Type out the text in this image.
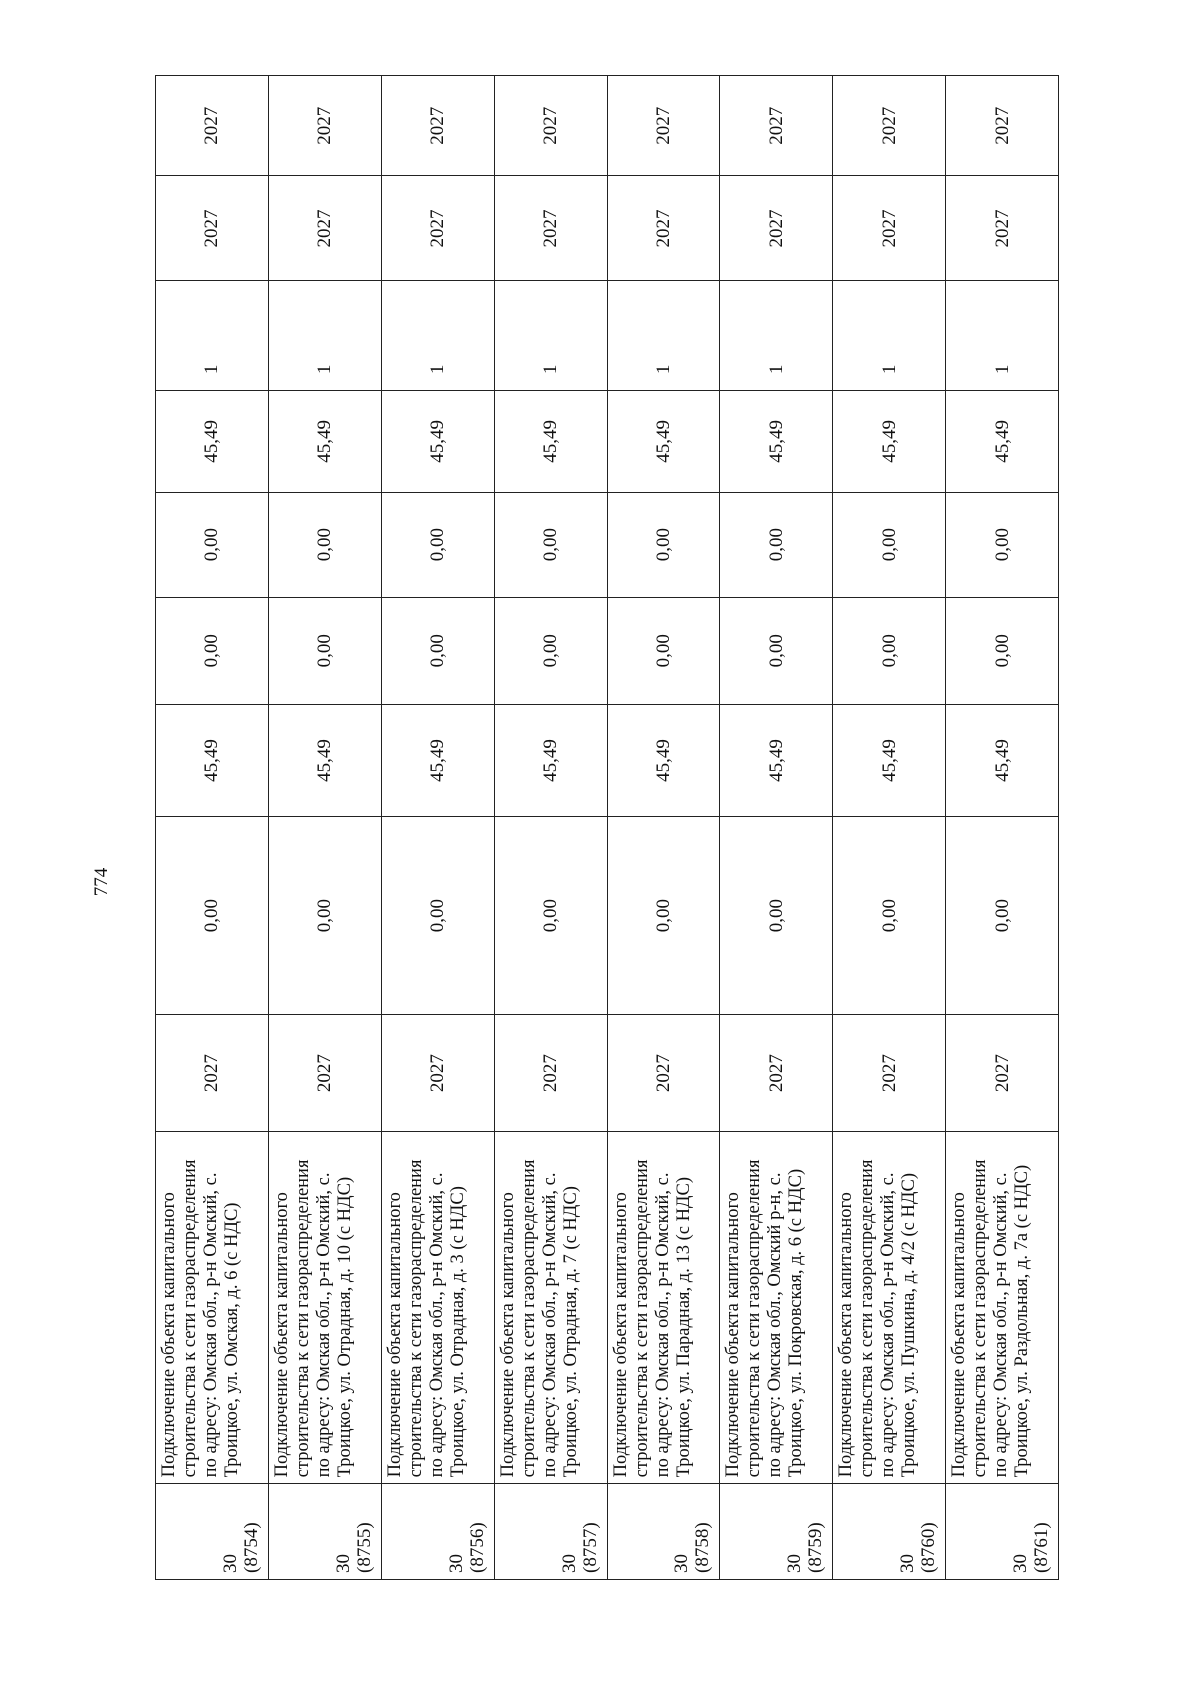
774
30 (8754)	Подключение объекта капитального строительства к сети газораспределения по адресу: Омская обл., р-н Омский, с. Троицкое, ул. Омская, д. 6 (с НДС)	2027	0,00	45,49	0,00	0,00	45,49	1	2027	2027

30 (8755)	Подключение объекта капитального строительства к сети газораспределения по адресу: Омская обл., р-н Омский, с. Троицкое, ул. Отрадная, д. 10 (с НДС)	2027	0,00	45,49	0,00	0,00	45,49	1	2027	2027

30 (8756)	Подключение объекта капитального строительства к сети газораспределения по адресу: Омская обл., р-н Омский, с. Троицкое, ул. Отрадная, д. 3 (с НДС)	2027	0,00	45,49	0,00	0,00	45,49	1	2027	2027

30 (8757)	Подключение объекта капитального строительства к сети газораспределения по адресу: Омская обл., р-н Омский, с. Троицкое, ул. Отрадная, д. 7 (с НДС)	2027	0,00	45,49	0,00	0,00	45,49	1	2027	2027

30 (8758)	Подключение объекта капитального строительства к сети газораспределения по адресу: Омская обл., р-н Омский, с. Троицкое, ул. Парадная, д. 13 (с НДС)	2027	0,00	45,49	0,00	0,00	45,49	1	2027	2027

30 (8759)	Подключение объекта капитального строительства к сети газораспределения по адресу: Омская обл., Омский р-н, с. Троицкое, ул. Покровская, д. 6 (с НДС)	2027	0,00	45,49	0,00	0,00	45,49	1	2027	2027

30 (8760)	Подключение объекта капитального строительства к сети газораспределения по адресу: Омская обл., р-н Омский, с. Троицкое, ул. Пушкина, д. 4/2 (с НДС)	2027	0,00	45,49	0,00	0,00	45,49	1	2027	2027

30 (8761)	Подключение объекта капитального строительства к сети газораспределения по адресу: Омская обл., р-н Омский, с. Троицкое, ул. Раздольная, д. 7а (с НДС)	2027	0,00	45,49	0,00	0,00	45,49	1	2027	2027
